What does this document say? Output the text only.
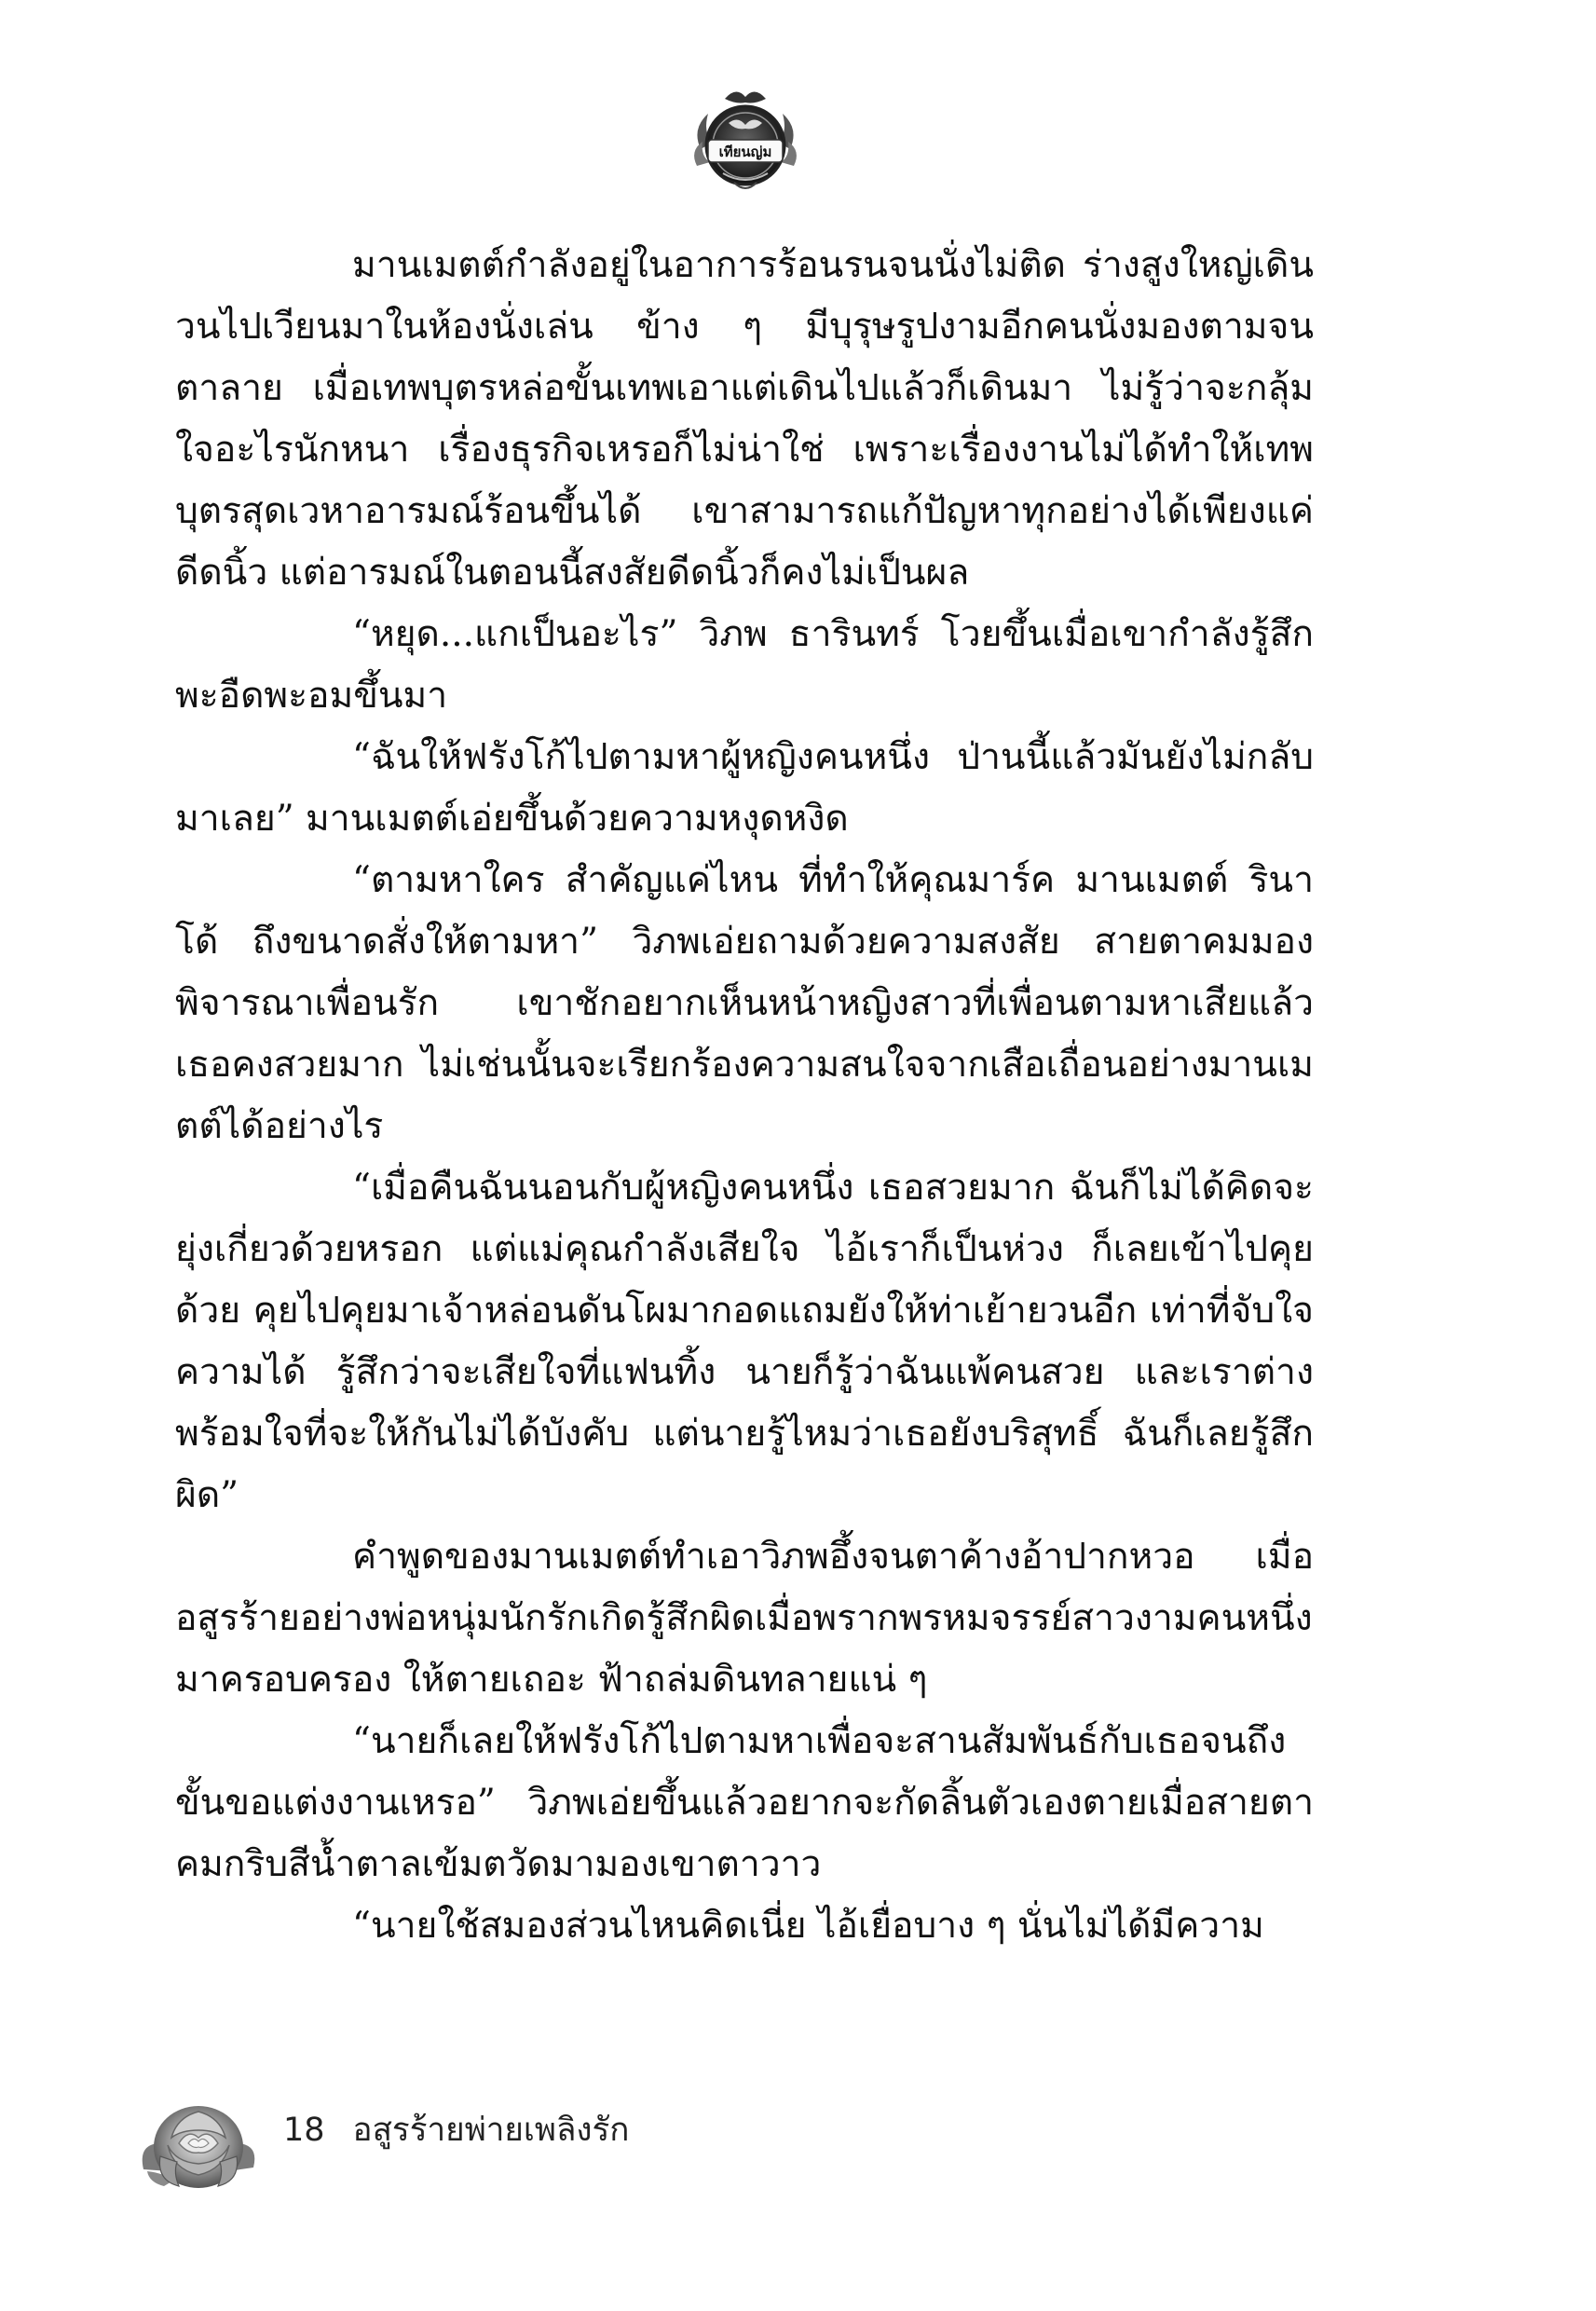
เทียนญ่ม

มานเมตต์กำลังอยู่ในอาการร้อนรนจนนั่งไม่ติด ร่างสูงใหญ่เดินวนไปเวียนมาในห้องนั่งเล่น ข้าง ๆ มีบุรุษรูปงามอีกคนนั่งมองตามจนตาลาย เมื่อเทพบุตรหล่อขั้นเทพเอาแต่เดินไปแล้วก็เดินมา ไม่รู้ว่าจะกลุ้มใจอะไรนักหนา เรื่องธุรกิจเหรอก็ไม่น่าใช่ เพราะเรื่องงานไม่ได้ทำให้เทพบุตรสุดเวหาอารมณ์ร้อนขึ้นได้ เขาสามารถแก้ปัญหาทุกอย่างได้เพียงแค่ดีดนิ้ว แต่อารมณ์ในตอนนี้สงสัยดีดนิ้วก็คงไม่เป็นผล

“หยุด...แกเป็นอะไร” วิภพ ธารินทร์ โวยขึ้นเมื่อเขากำลังรู้สึกพะอืดพะอมขึ้นมา

“ฉันให้ฟรังโก้ไปตามหาผู้หญิงคนหนึ่ง ป่านนี้แล้วมันยังไม่กลับมาเลย” มานเมตต์เอ่ยขึ้นด้วยความหงุดหงิด

“ตามหาใคร สำคัญแค่ไหน ที่ทำให้คุณมาร์ค มานเมตต์ รินาโด้ ถึงขนาดสั่งให้ตามหา” วิภพเอ่ยถามด้วยความสงสัย สายตาคมมองพิจารณาเพื่อนรัก เขาชักอยากเห็นหน้าหญิงสาวที่เพื่อนตามหาเสียแล้ว เธอคงสวยมาก ไม่เช่นนั้นจะเรียกร้องความสนใจจากเสือเถื่อนอย่างมานเมตต์ได้อย่างไร

“เมื่อคืนฉันนอนกับผู้หญิงคนหนึ่ง เธอสวยมาก ฉันก็ไม่ได้คิดจะยุ่งเกี่ยวด้วยหรอก แต่แม่คุณกำลังเสียใจ ไอ้เราก็เป็นห่วง ก็เลยเข้าไปคุยด้วย คุยไปคุยมาเจ้าหล่อนดันโผมากอดแถมยังให้ท่าเย้ายวนอีก เท่าที่จับใจความได้ รู้สึกว่าจะเสียใจที่แฟนทิ้ง นายก็รู้ว่าฉันแพ้คนสวย และเราต่างพร้อมใจที่จะให้กันไม่ได้บังคับ แต่นายรู้ไหมว่าเธอยังบริสุทธิ์ ฉันก็เลยรู้สึกผิด”

คำพูดของมานเมตต์ทำเอาวิภพอึ้งจนตาค้างอ้าปากหวอ เมื่ออสูรร้ายอย่างพ่อหนุ่มนักรักเกิดรู้สึกผิดเมื่อพรากพรหมจรรย์สาวงามคนหนึ่งมาครอบครอง ให้ตายเถอะ ฟ้าถล่มดินทลายแน่ ๆ

“นายก็เลยให้ฟรังโก้ไปตามหาเพื่อจะสานสัมพันธ์กับเธอจนถึงขั้นขอแต่งงานเหรอ” วิภพเอ่ยขึ้นแล้วอยากจะกัดลิ้นตัวเองตายเมื่อสายตาคมกริบสีน้ำตาลเข้มตวัดมามองเขาตาวาว

“นายใช้สมองส่วนไหนคิดเนี่ย ไอ้เยื่อบาง ๆ นั่นไม่ได้มีความ

18 อสูรร้ายพ่ายเพลิงรัก
